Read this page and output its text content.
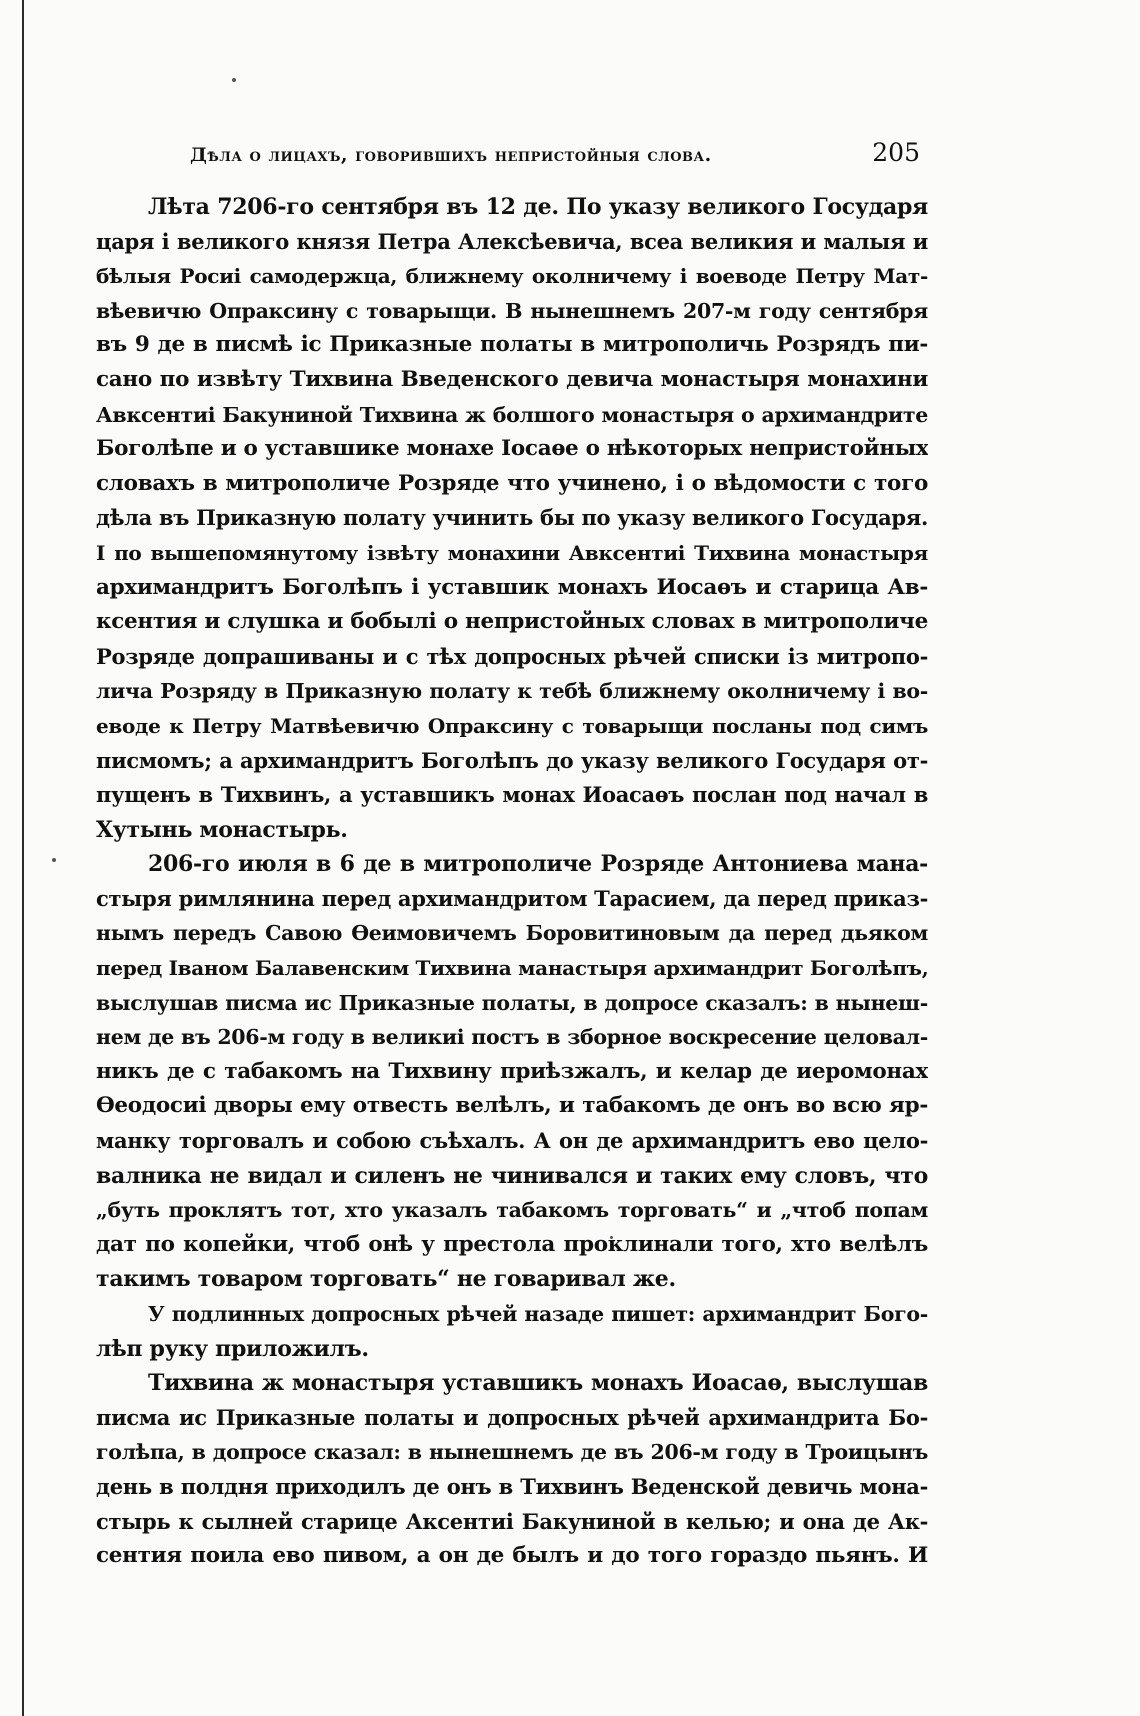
Дѣла о лицахъ, говорившихъ непристойныя слова.	205
Лѣта 7206-го сентября въ 12 де. По указу великого Государя
царя і великого князя Петра Алексѣевича, всеа великия и малыя и
бѣлыя Росиі самодержца, ближнему околничему і воеводе Петру Мат-
вѣевичю Опраксину с товарыщи. В нынешнемъ 207-м году сентября
въ 9 де в писмѣ іс Приказные полаты в митрополичь Розрядъ пи-
сано по извѣту Тихвина Введенского девича монастыря монахини
Авксентиі Бакуниной Тихвина ж болшого монастыря о архимандрите
Боголѣпе и о уставшике монахе Іосаѳе о нѣкоторых непристойных
словахъ в митрополиче Розряде что учинено, і о вѣдомости с того
дѣла въ Приказную полату учинить бы по указу великого Государя.
І по вышепомянутому ізвѣту монахини Авксентиі Тихвина монастыря
архимандритъ Боголѣпъ і уставшик монахъ Иосаѳъ и старица Ав-
ксентия и слушка и бобылі о непристойных словах в митрополиче
Розряде допрашиваны и с тѣх допросных рѣчей списки із митропо-
лича Розряду в Приказную полату к тебѣ ближнему околничему і во-
еводе к Петру Матвѣевичю Опраксину с товарыщи посланы под симъ
писмомъ; а архимандритъ Боголѣпъ до указу великого Государя от-
пущенъ в Тихвинъ, а уставшикъ монах Иоасаѳъ послан под начал в
Хутынь монастырь.
206-го июля в 6 де в митрополиче Розряде Антониева мана-
стыря римлянина перед архимандритом Тарасием, да перед приказ-
нымъ передъ Савою Ѳеимовичемъ Боровитиновым да перед дьяком
перед Іваном Балавенским Тихвина манастыря архимандрит Боголѣпъ,
выслушав писма ис Приказные полаты, в допросе сказалъ: в нынеш-
нем де въ 206-м году в великиі постъ в зборное воскресение целовал-
никъ де с табакомъ на Тихвину приѣзжалъ, и келар де иеромонах
Ѳеодосиі дворы ему отвесть велѣлъ, и табакомъ де онъ во всю яр-
манку торговалъ и собою съѣхалъ. А он де архимандритъ ево цело-
валника не видал и силенъ не чинивался и таких ему словъ, что
„буть проклятъ тот, хто указалъ табакомъ торговать“ и „чтоб попам
дат по копейки, чтоб онѣ у престола проклинали того, хто велѣлъ
такимъ товаром торговать“ не говаривал же.
У подлинных допросных рѣчей назаде пишет: архимандрит Бого-
лѣп руку приложилъ.
Тихвина ж монастыря уставшикъ монахъ Иоасаѳ, выслушав
писма ис Приказные полаты и допросных рѣчей архимандрита Бо-
голѣпа, в допросе сказал: в нынешнемъ де въ 206-м году в Троицынъ
день в полдня приходилъ де онъ в Тихвинъ Веденской девичь мона-
стырь к сылней старице Аксентиі Бакуниной в келью; и она де Ак-
сентия поила ево пивом, а он де былъ и до того гораздо пьянъ. И
